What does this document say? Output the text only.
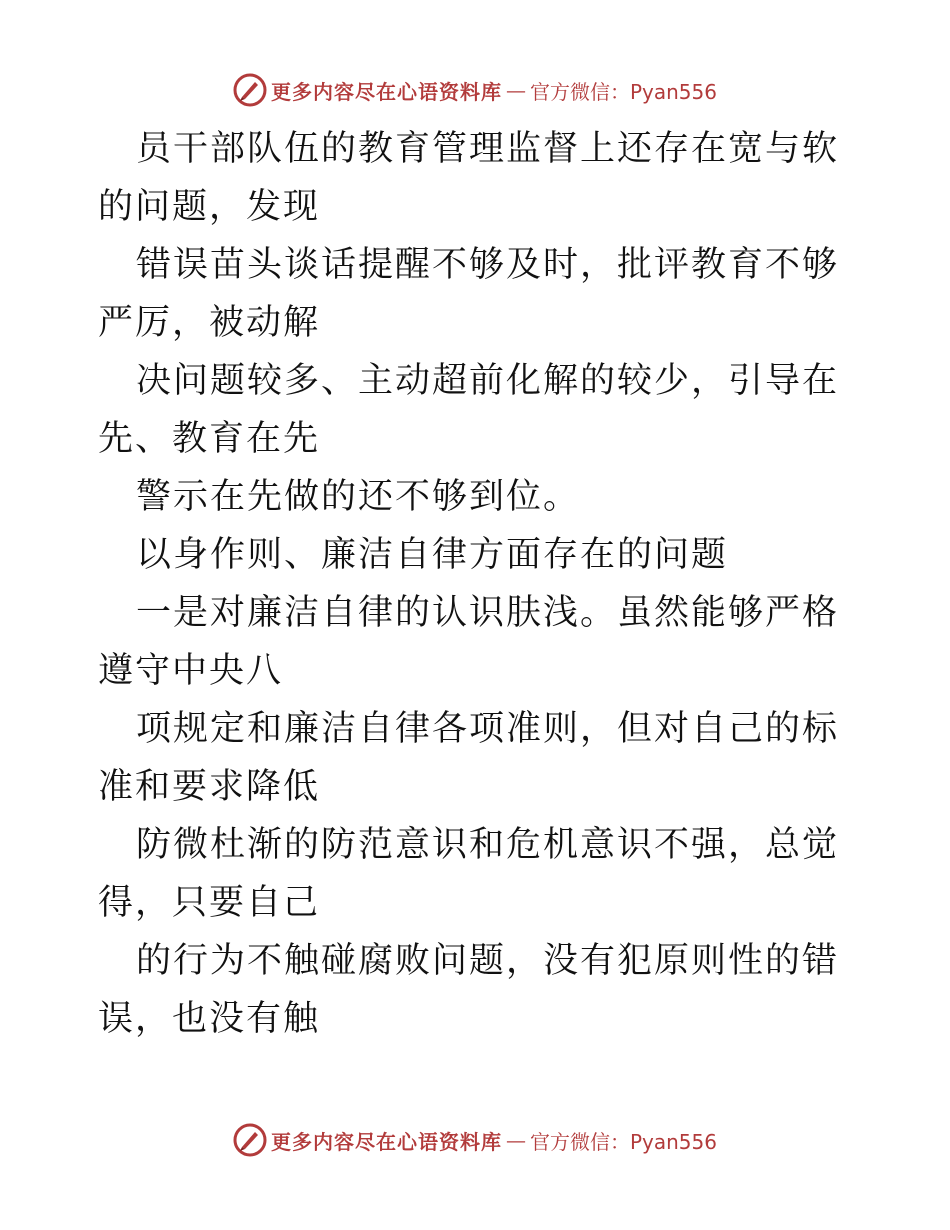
更多内容尽在心语资料库 — 官方微信：Pyan556

员干部队伍的教育管理监督上还存在宽与软的问题，发现

错误苗头谈话提醒不够及时，批评教育不够严厉，被动解

决问题较多、主动超前化解的较少，引导在先、教育在先

警示在先做的还不够到位。

以身作则、廉洁自律方面存在的问题

一是对廉洁自律的认识肤浅。虽然能够严格遵守中央八

项规定和廉洁自律各项准则，但对自己的标准和要求降低

防微杜渐的防范意识和危机意识不强，总觉得，只要自己

的行为不触碰腐败问题，没有犯原则性的错误，也没有触

更多内容尽在心语资料库 — 官方微信：Pyan556
